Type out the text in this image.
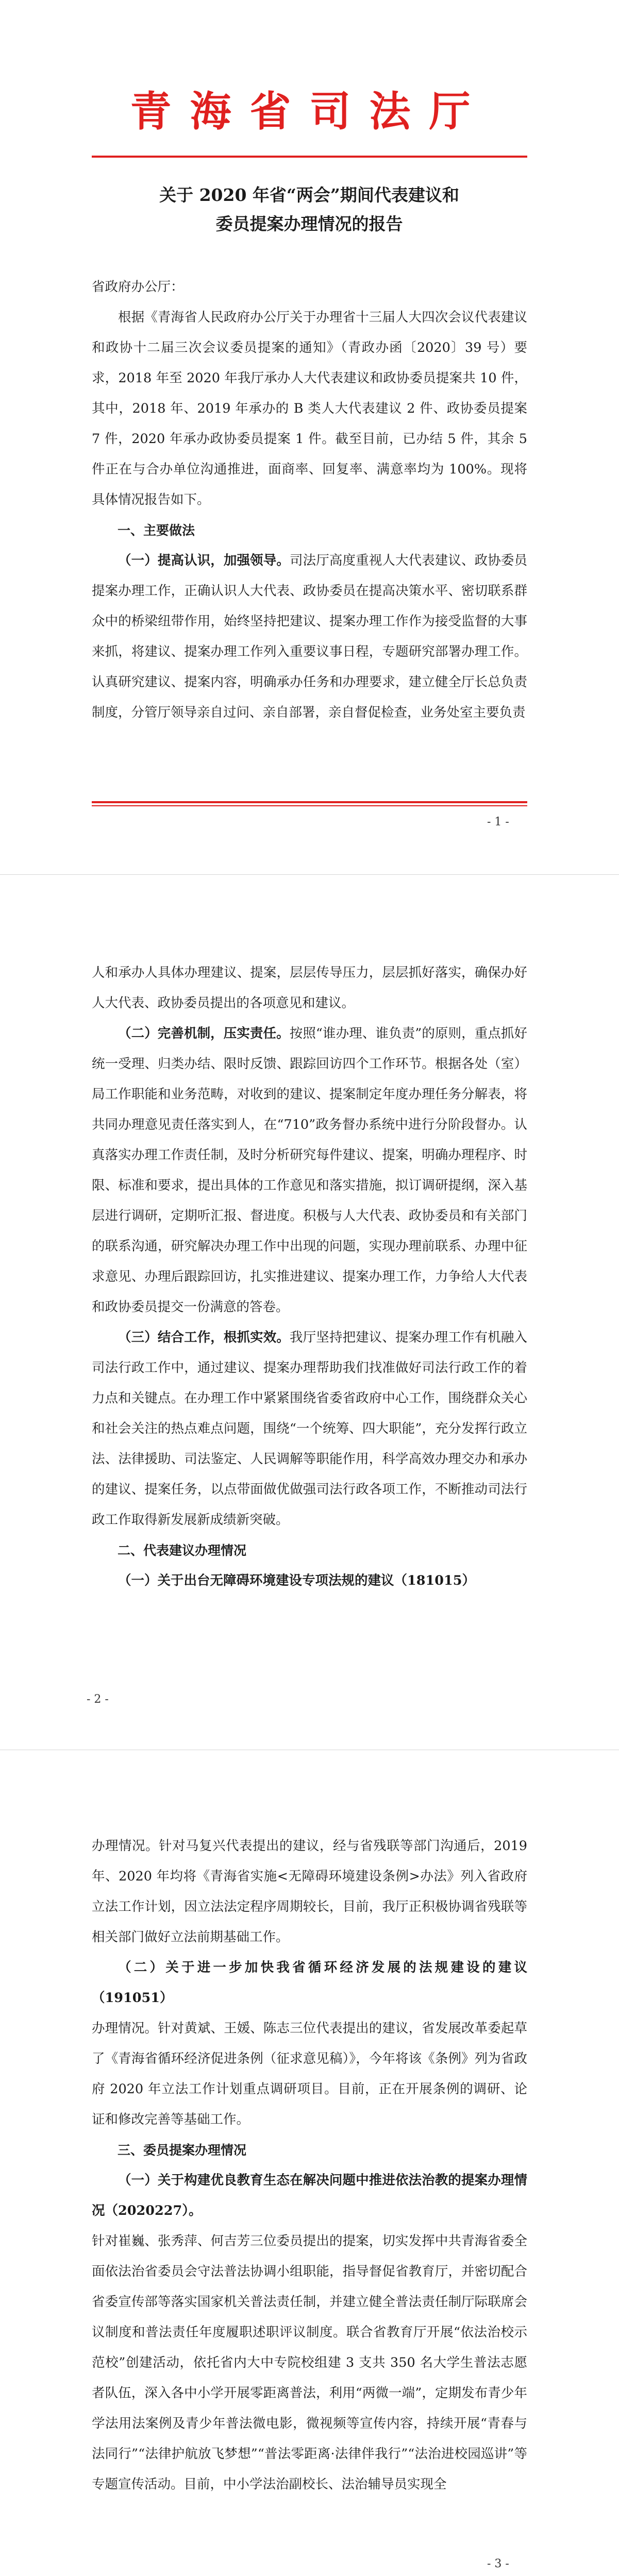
青海省司法厅
关于 2020 年省“两会”期间代表建议和
委员提案办理情况的报告

省政府办公厅：

根据《青海省人民政府办公厅关于办理省十三届人大四次会议代表建议和政协十二届三次会议委员提案的通知》（青政办函〔2020〕39 号）要求，2018 年至 2020 年我厅承办人大代表建议和政协委员提案共 10 件，其中，2018 年、2019 年承办的 B 类人大代表建议 2 件、政协委员提案 7 件，2020 年承办政协委员提案 1 件。截至目前，已办结 5 件，其余 5 件正在与合办单位沟通推进，面商率、回复率、满意率均为 100%。现将具体情况报告如下。

一、主要做法

（一）提高认识，加强领导。司法厅高度重视人大代表建议、政协委员提案办理工作，正确认识人大代表、政协委员在提高决策水平、密切联系群众中的桥梁纽带作用，始终坚持把建议、提案办理工作作为接受监督的大事来抓，将建议、提案办理工作列入重要议事日程，专题研究部署办理工作。认真研究建议、提案内容，明确承办任务和办理要求，建立健全厅长总负责制度，分管厅领导亲自过问、亲自部署，亲自督促检查，业务处室主要负责

- 1 -

人和承办人具体办理建议、提案，层层传导压力，层层抓好落实，确保办好人大代表、政协委员提出的各项意见和建议。

（二）完善机制，压实责任。按照“谁办理、谁负责”的原则，重点抓好统一受理、归类办结、限时反馈、跟踪回访四个工作环节。根据各处（室）局工作职能和业务范畴，对收到的建议、提案制定年度办理任务分解表，将共同办理意见责任落实到人，在“710”政务督办系统中进行分阶段督办。认真落实办理工作责任制，及时分析研究每件建议、提案，明确办理程序、时限、标准和要求，提出具体的工作意见和落实措施，拟订调研提纲，深入基层进行调研，定期听汇报、督进度。积极与人大代表、政协委员和有关部门的联系沟通，研究解决办理工作中出现的问题，实现办理前联系、办理中征求意见、办理后跟踪回访，扎实推进建议、提案办理工作，力争给人大代表和政协委员提交一份满意的答卷。

（三）结合工作，根抓实效。我厅坚持把建议、提案办理工作有机融入司法行政工作中，通过建议、提案办理帮助我们找准做好司法行政工作的着力点和关键点。在办理工作中紧紧围绕省委省政府中心工作，围绕群众关心和社会关注的热点难点问题，围绕“一个统筹、四大职能”，充分发挥行政立法、法律援助、司法鉴定、人民调解等职能作用，科学高效办理交办和承办的建议、提案任务，以点带面做优做强司法行政各项工作，不断推动司法行政工作取得新发展新成绩新突破。

二、代表建议办理情况

（一）关于出台无障碍环境建设专项法规的建议（181015）

- 2 -

办理情况。针对马复兴代表提出的建议，经与省残联等部门沟通后，2019 年、2020 年均将《青海省实施<无障碍环境建设条例>办法》列入省政府立法工作计划，因立法法定程序周期较长，目前，我厅正积极协调省残联等相关部门做好立法前期基础工作。

（二）关于进一步加快我省循环经济发展的法规建设的建议（191051）

办理情况。针对黄斌、王媛、陈志三位代表提出的建议，省发展改革委起草了《青海省循环经济促进条例（征求意见稿）》，今年将该《条例》列为省政府 2020 年立法工作计划重点调研项目。目前，正在开展条例的调研、论证和修改完善等基础工作。

三、委员提案办理情况

（一）关于构建优良教育生态在解决问题中推进依法治教的提案办理情况（2020227）。

针对崔巍、张秀萍、何吉芳三位委员提出的提案，切实发挥中共青海省委全面依法治省委员会守法普法协调小组职能，指导督促省教育厅，并密切配合省委宣传部等落实国家机关普法责任制，并建立健全普法责任制厅际联席会议制度和普法责任年度履职述职评议制度。联合省教育厅开展“依法治校示范校”创建活动，依托省内大中专院校组建 3 支共 350 名大学生普法志愿者队伍，深入各中小学开展零距离普法，利用“两微一端”，定期发布青少年学法用法案例及青少年普法微电影，微视频等宣传内容，持续开展“青春与法同行”“法律护航放飞梦想”“普法零距离·法律伴我行”“法治进校园巡讲”等专题宣传活动。目前，中小学法治副校长、法治辅导员实现全

- 3 -
